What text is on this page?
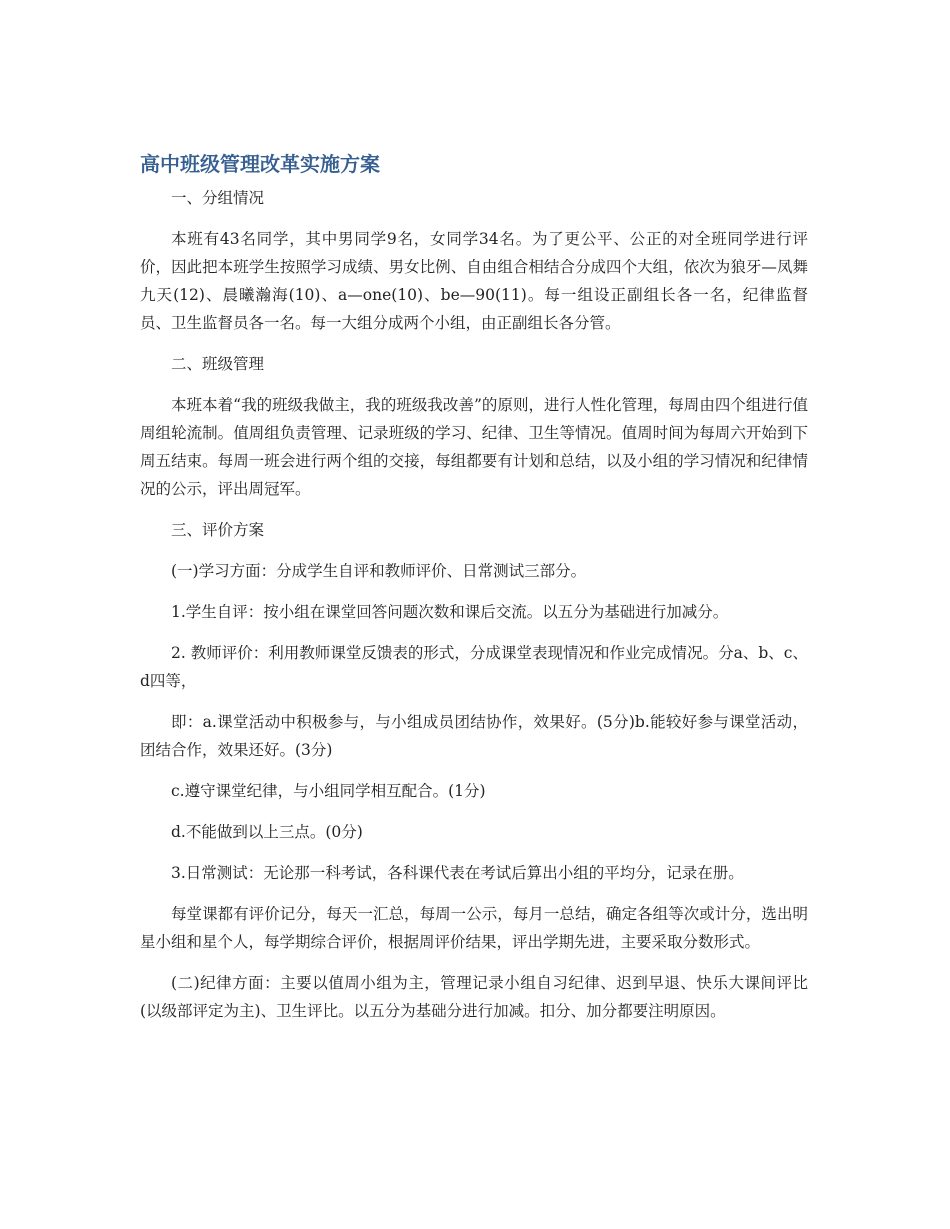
高中班级管理改革实施方案

一、分组情况

本班有43名同学，其中男同学9名，女同学34名。为了更公平、公正的对全班同学进行评价，因此把本班学生按照学习成绩、男女比例、自由组合相结合分成四个大组，依次为狼牙—凤舞九天(12)、晨曦瀚海(10)、a—one(10)、be—90(11)。每一组设正副组长各一名，纪律监督员、卫生监督员各一名。每一大组分成两个小组，由正副组长各分管。

二、班级管理

本班本着“我的班级我做主，我的班级我改善”的原则，进行人性化管理，每周由四个组进行值周组轮流制。值周组负责管理、记录班级的学习、纪律、卫生等情况。值周时间为每周六开始到下周五结束。每周一班会进行两个组的交接，每组都要有计划和总结，以及小组的学习情况和纪律情况的公示，评出周冠军。

三、评价方案

(一)学习方面：分成学生自评和教师评价、日常测试三部分。

1.学生自评：按小组在课堂回答问题次数和课后交流。以五分为基础进行加减分。

2. 教师评价：利用教师课堂反馈表的形式，分成课堂表现情况和作业完成情况。分a、b、c、d四等，

即：a.课堂活动中积极参与，与小组成员团结协作，效果好。(5分)b.能较好参与课堂活动，团结合作，效果还好。(3分)

c.遵守课堂纪律，与小组同学相互配合。(1分)

d.不能做到以上三点。(0分)

3.日常测试：无论那一科考试，各科课代表在考试后算出小组的平均分，记录在册。

每堂课都有评价记分，每天一汇总，每周一公示，每月一总结，确定各组等次或计分，选出明星小组和星个人，每学期综合评价，根据周评价结果，评出学期先进，主要采取分数形式。

(二)纪律方面：主要以值周小组为主，管理记录小组自习纪律、迟到早退、快乐大课间评比(以级部评定为主)、卫生评比。以五分为基础分进行加减。扣分、加分都要注明原因。
